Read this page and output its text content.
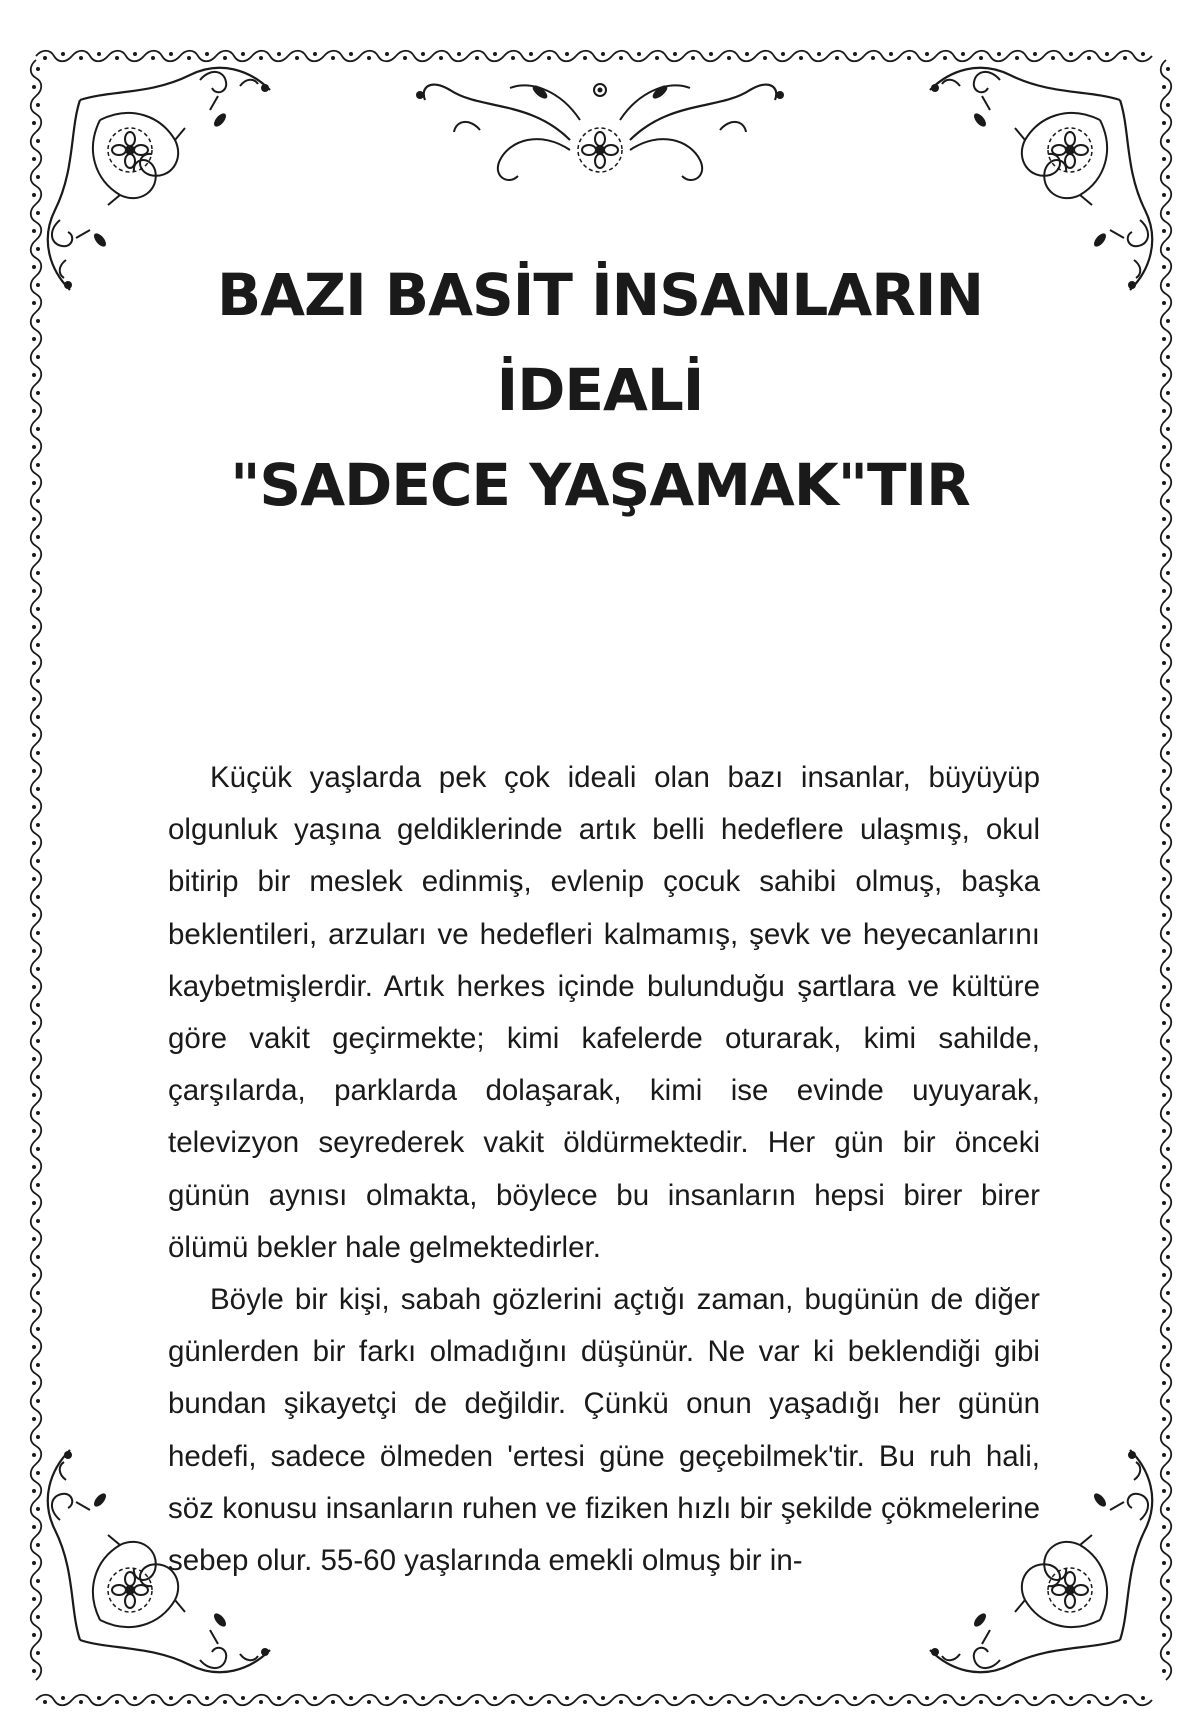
BAZI BASİT İNSANLARIN
İDEALİ
"SADECE YAŞAMAK"TIR

Küçük yaşlarda pek çok ideali olan bazı insanlar, büyüyüp olgunluk yaşına geldiklerinde artık belli hedeflere ulaşmış, okul bitirip bir meslek edinmiş, evlenip çocuk sahibi olmuş, başka beklentileri, arzuları ve hedefleri kalmamış, şevk ve heyecanlarını kaybetmişlerdir. Artık herkes içinde bulunduğu şartlara ve kültüre göre vakit geçirmekte; kimi kafelerde oturarak, kimi sahilde, çarşılarda, parklarda dolaşarak, kimi ise evinde uyuyarak, televizyon seyrederek vakit öldürmektedir. Her gün bir önceki günün aynısı olmakta, böylece bu insanların hepsi birer birer ölümü bekler hale gelmektedirler.

Böyle bir kişi, sabah gözlerini açtığı zaman, bugünün de diğer günlerden bir farkı olmadığını düşünür. Ne var ki beklendiği gibi bundan şikayetçi de değildir. Çünkü onun yaşadığı her günün hedefi, sadece ölmeden 'ertesi güne geçebilmek'tir. Bu ruh hali, söz konusu insanların ruhen ve fiziken hızlı bir şekilde çökmelerine sebep olur. 55-60 yaşlarında emekli olmuş bir in-
